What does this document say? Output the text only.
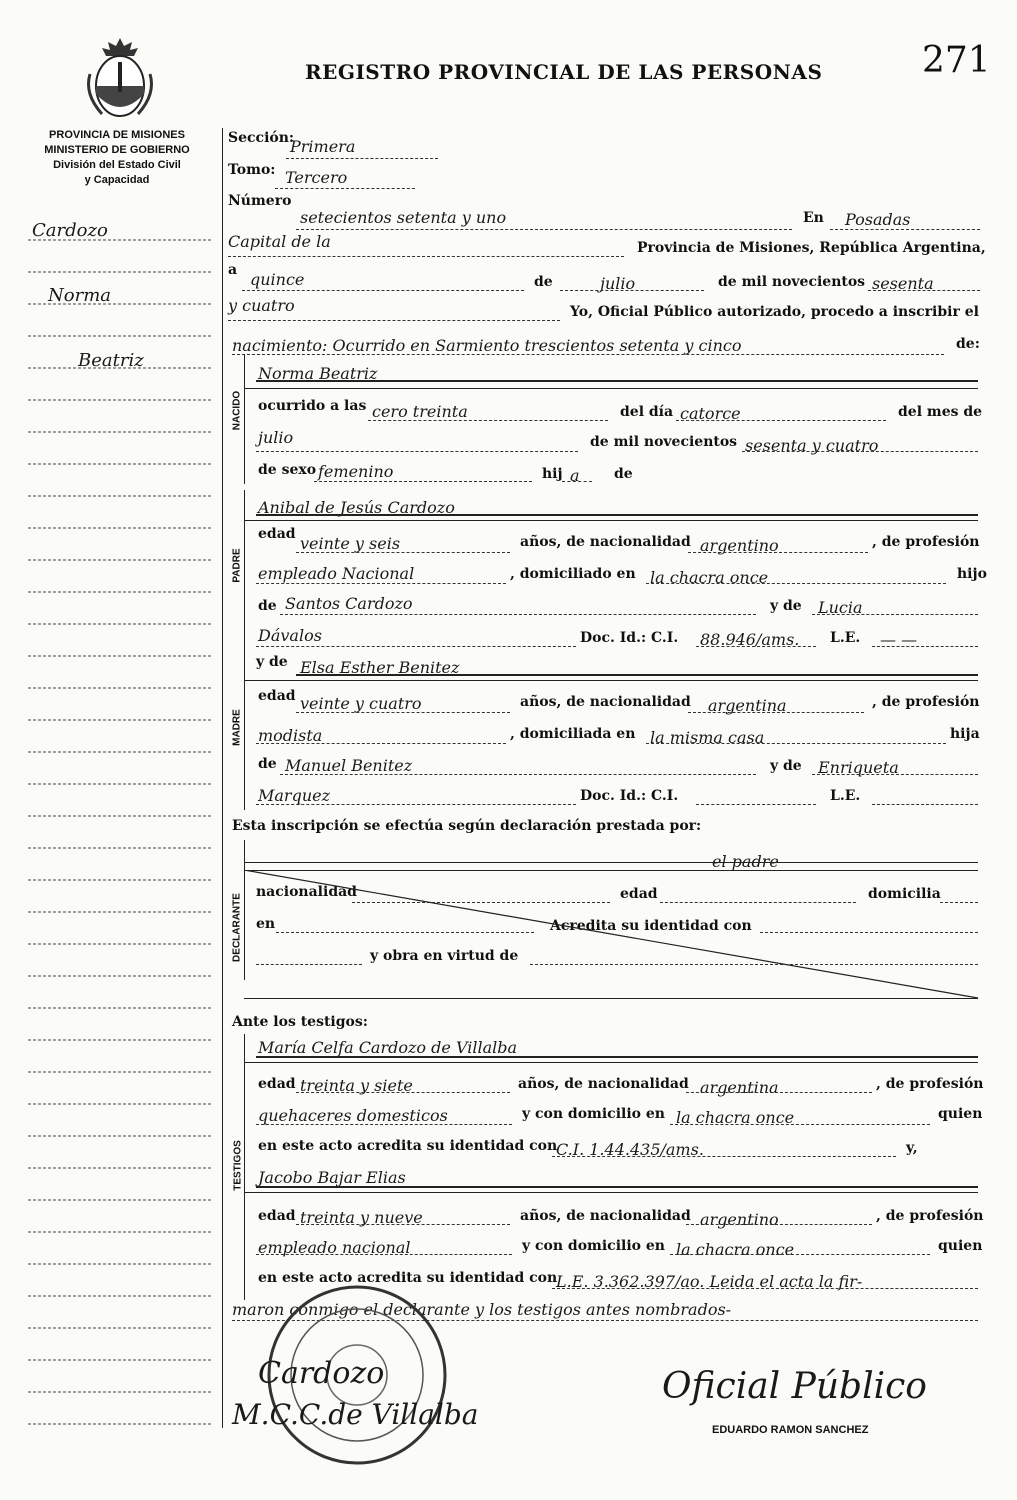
REGISTRO PROVINCIAL DE LAS PERSONAS	271
PROVINCIA DE MISIONES
MINISTERIO DE GOBIERNO
División del Estado Civil
y Capacidad
Cardozo
Norma
Beatriz
Sección:
Primera
Tomo: Tercero
Número
setecientos setenta y uno	En Posadas
Capital de la	Provincia de Misiones, República Argentina,
a quince	de	julio	de mil novecientos sesenta
y cuatro	Yo, Oficial Público autorizado, procedo a inscribir el
nacimiento: Ocurrido en Sarmiento trescientos setenta y cinco	de:
NACIDO
Norma Beatriz
ocurrido a las cero treinta	del día catorce	del mes de
julio	de mil novecientos sesenta y cuatro
de sexo femenino	hij a de
PADRE
Anibal de Jesús Cardozo
edad veinte y seis	años, de nacionalidad argentino	, de profesión
empleado Nacional	, domiciliado en la chacra once	hijo
de Santos Cardozo	y de Lucia
Dávalos	Doc. Id.: C.I. 88.946/ams. L.E. — —
MADRE
y de Elsa Esther Benitez
edad veinte y cuatro	años, de nacionalidad argentina	, de profesión
modista	, domiciliada en la misma casa	hija
de Manuel Benitez	y de Enriqueta
Marquez	Doc. Id.: C.I.	L.E.
Esta inscripción se efectúa según declaración prestada por:
DECLARANTE
el padre
nacionalidad	edad	domicilia
en	Acredita su identidad con
y obra en virtud de
Ante los testigos:
TESTIGOS
María Celfa Cardozo de Villalba
edad treinta y siete	años, de nacionalidad argentina	, de profesión
quehaceres domesticos	y con domicilio en la chacra once	quien
en este acto acredita su identidad con
C.I. 1.44.435/ams.	y,
Jacobo Bajar Elias
edad treinta y nueve	años, de nacionalidad argentino	, de profesión
empleado nacional	y con domicilio en la chacra once	quien
en este acto acredita su identidad con
L.E. 3.362.397/ao. Leida el acta la fir-
maron conmigo el declarante y los testigos antes nombrados-
Cardozo
M.C.C.de Villalba
Oficial Público
EDUARDO RAMON SANCHEZ
